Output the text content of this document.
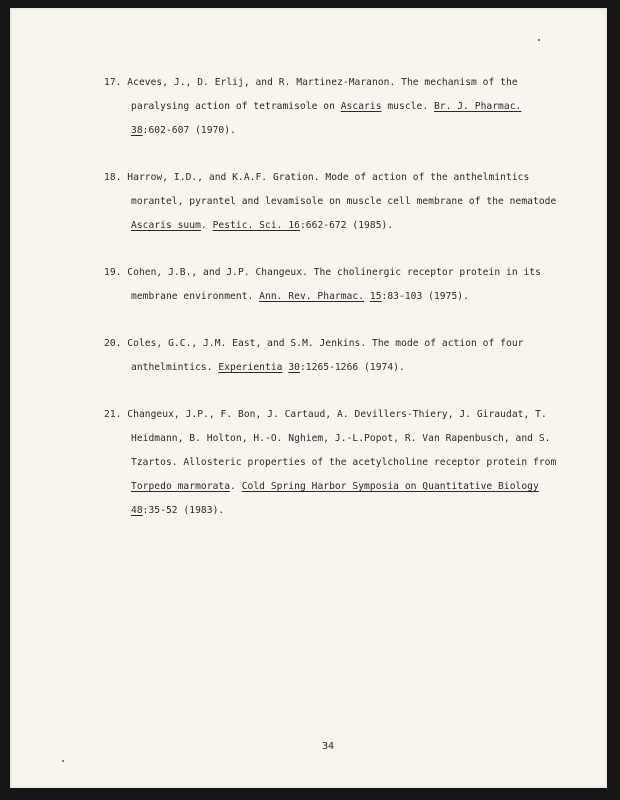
17. Aceves, J., D. Erlij, and R. Martinez-Maranon. The mechanism of the
paralysing action of tetramisole on Ascaris muscle. Br. J. Pharmac.
38:602-607 (1970).
18. Harrow, I.D., and K.A.F. Gration. Mode of action of the anthelmintics
morantel, pyrantel and levamisole on muscle cell membrane of the nematode
Ascaris suum. Pestic. Sci. 16:662-672 (1985).
19. Cohen, J.B., and J.P. Changeux. The cholinergic receptor protein in its
membrane environment. Ann. Rev. Pharmac. 15:83-103 (1975).
20. Coles, G.C., J.M. East, and S.M. Jenkins. The mode of action of four
anthelmintics. Experientia 30:1265-1266 (1974).
21. Changeux, J.P., F. Bon, J. Cartaud, A. Devillers-Thiery, J. Giraudat, T.
Heidmann, B. Holton, H.-O. Nghiem, J.-L.Popot, R. Van Rapenbusch, and S.
Tzartos. Allosteric properties of the acetylcholine receptor protein from
Torpedo marmorata. Cold Spring Harbor Symposia on Quantitative Biology
48:35-52 (1983).
34
